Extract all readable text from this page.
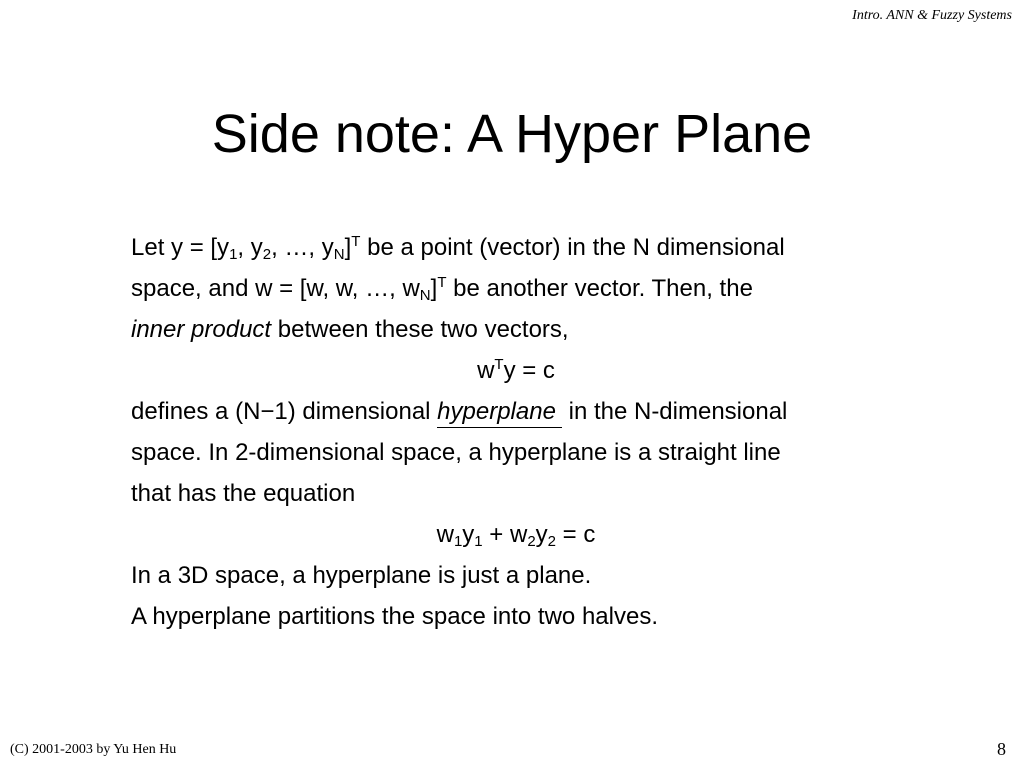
Intro. ANN & Fuzzy Systems
Side note: A Hyper Plane
Let $y = [y_1$, $y_2$, …, $y_N]^T$ be a point (vector) in the N dimensional
space, and w = [w, w, …, $w_N]^T$ be another vector. Then, the
inner product between these two vectors,
$w^Ty = c$
defines a (N−1) dimensional hyperplane in the N-dimensional
space. In 2-dimensional space, a hyperplane is a straight line
that has the equation
$w_1y_1 + w_2y_2 = c$
In a 3D space, a hyperplane is just a plane.
A hyperplane partitions the space into two halves.
(C) 2001-2003 by Yu Hen Hu	8
